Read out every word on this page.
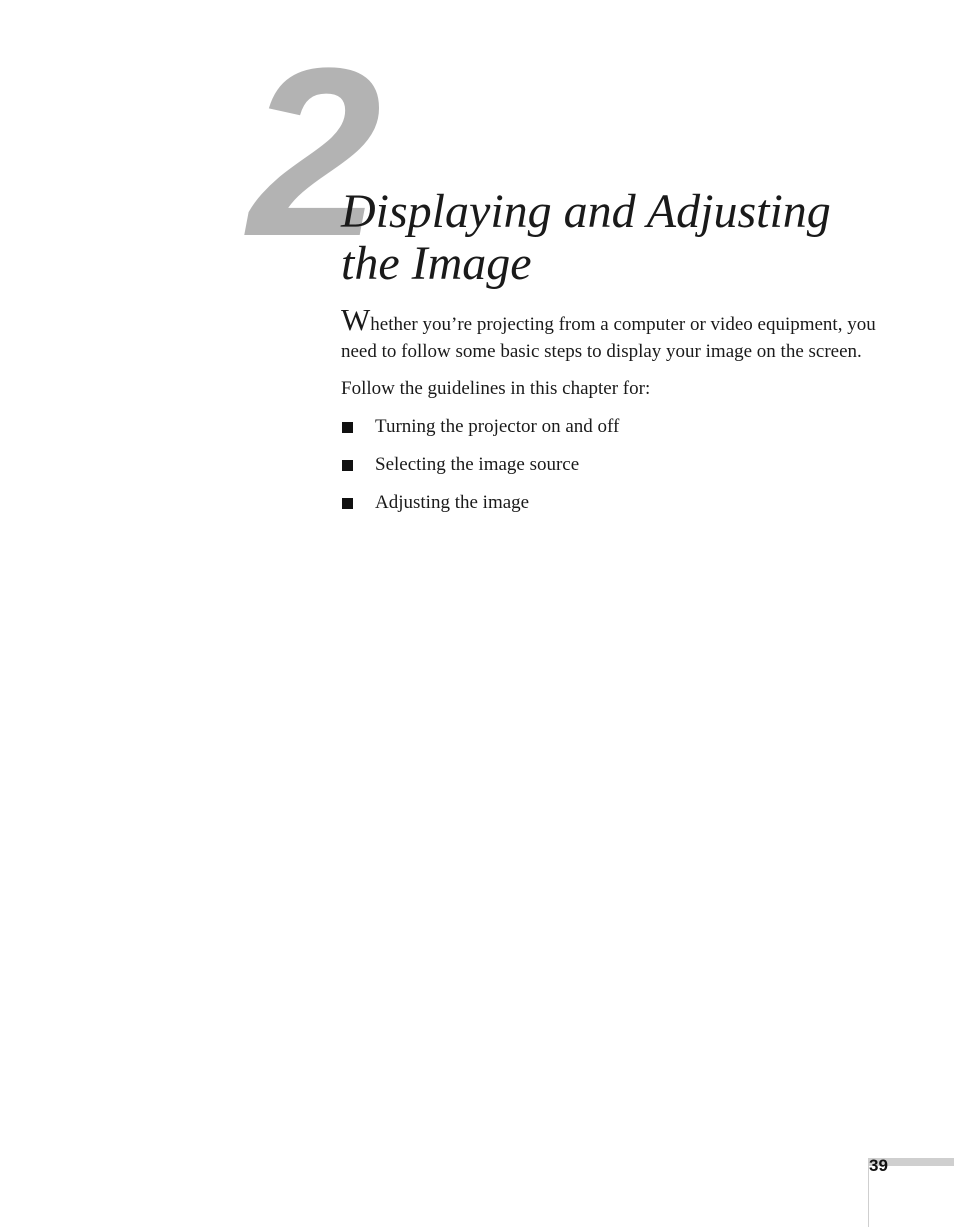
2
Displaying and Adjusting the Image

Whether you’re projecting from a computer or video equipment, you need to follow some basic steps to display your image on the screen.

Follow the guidelines in this chapter for:

Turning the projector on and off
Selecting the image source
Adjusting the image
39
